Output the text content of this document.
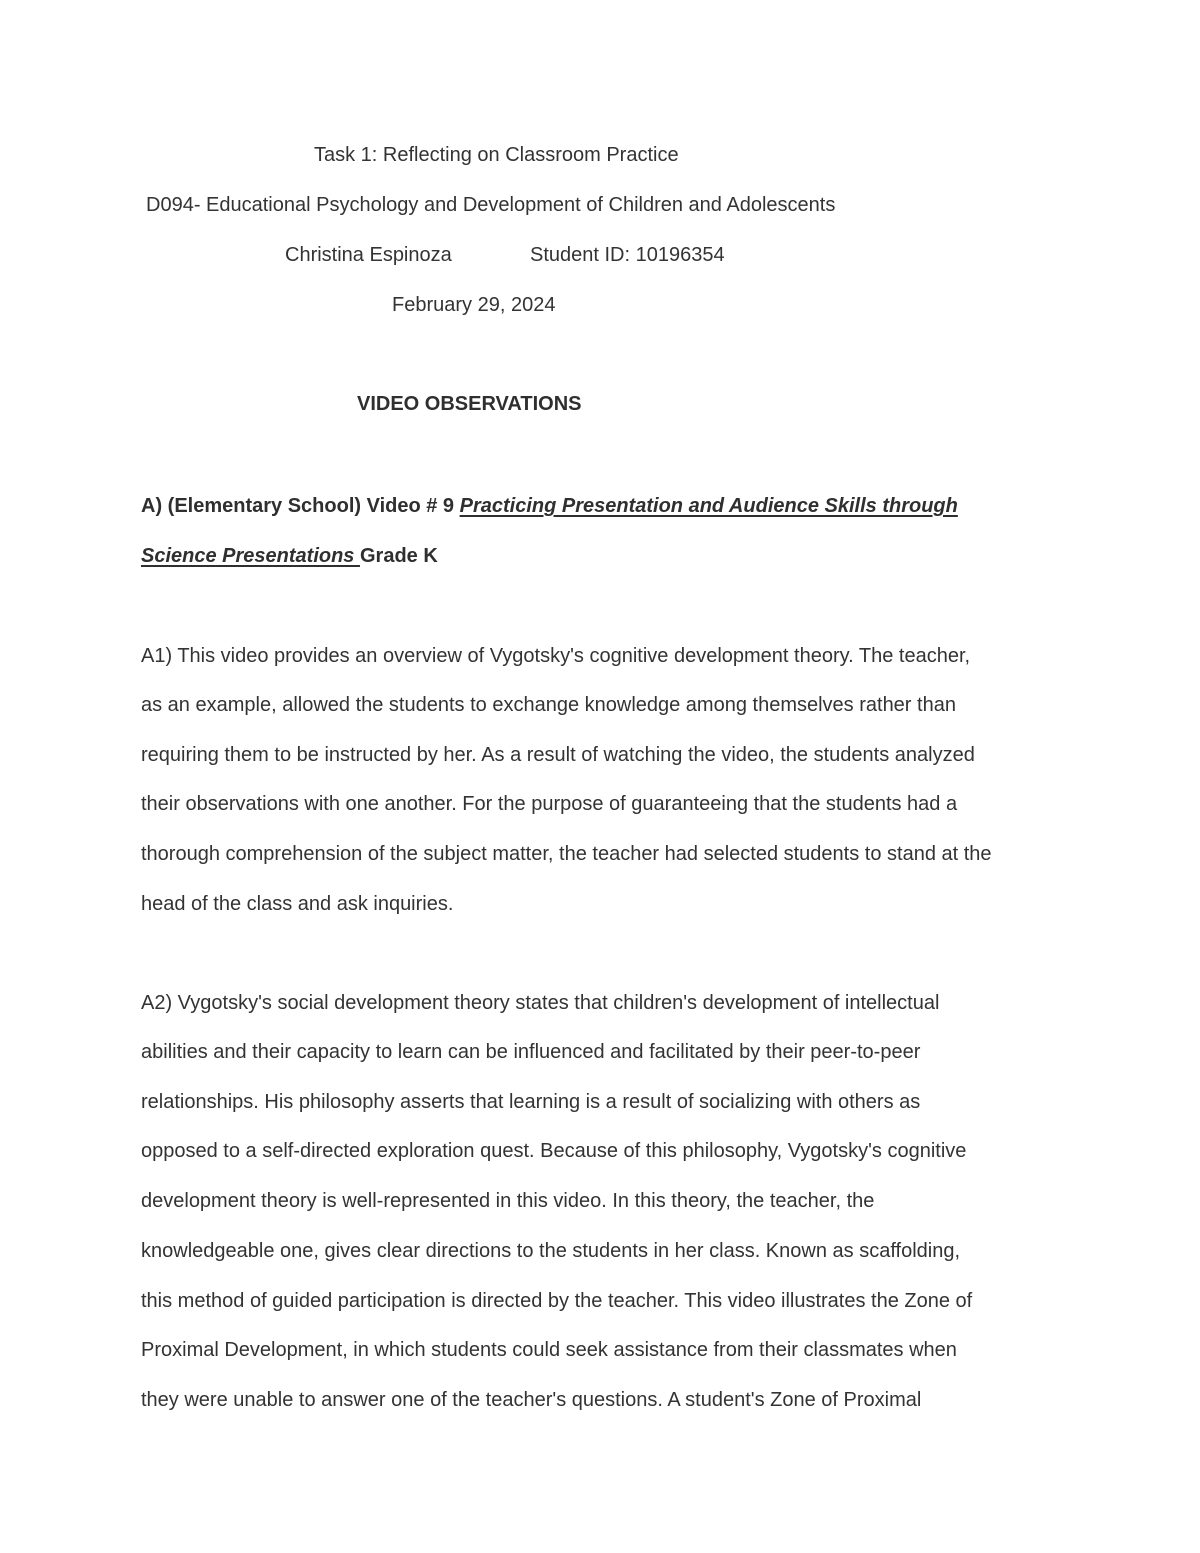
Task 1: Reflecting on Classroom Practice
D094- Educational Psychology and Development of Children and Adolescents
Christina Espinoza	Student ID: 10196354
February 29, 2024
VIDEO OBSERVATIONS
A) (Elementary School) Video # 9 Practicing Presentation and Audience Skills through
Science Presentations Grade K
A1) This video provides an overview of Vygotsky's cognitive development theory. The teacher,
as an example, allowed the students to exchange knowledge among themselves rather than
requiring them to be instructed by her. As a result of watching the video, the students analyzed
their observations with one another. For the purpose of guaranteeing that the students had a
thorough comprehension of the subject matter, the teacher had selected students to stand at the
head of the class and ask inquiries.
A2) Vygotsky's social development theory states that children's development of intellectual
abilities and their capacity to learn can be influenced and facilitated by their peer-to-peer
relationships. His philosophy asserts that learning is a result of socializing with others as
opposed to a self-directed exploration quest. Because of this philosophy, Vygotsky's cognitive
development theory is well-represented in this video. In this theory, the teacher, the
knowledgeable one, gives clear directions to the students in her class. Known as scaffolding,
this method of guided participation is directed by the teacher. This video illustrates the Zone of
Proximal Development, in which students could seek assistance from their classmates when
they were unable to answer one of the teacher's questions. A student's Zone of Proximal
